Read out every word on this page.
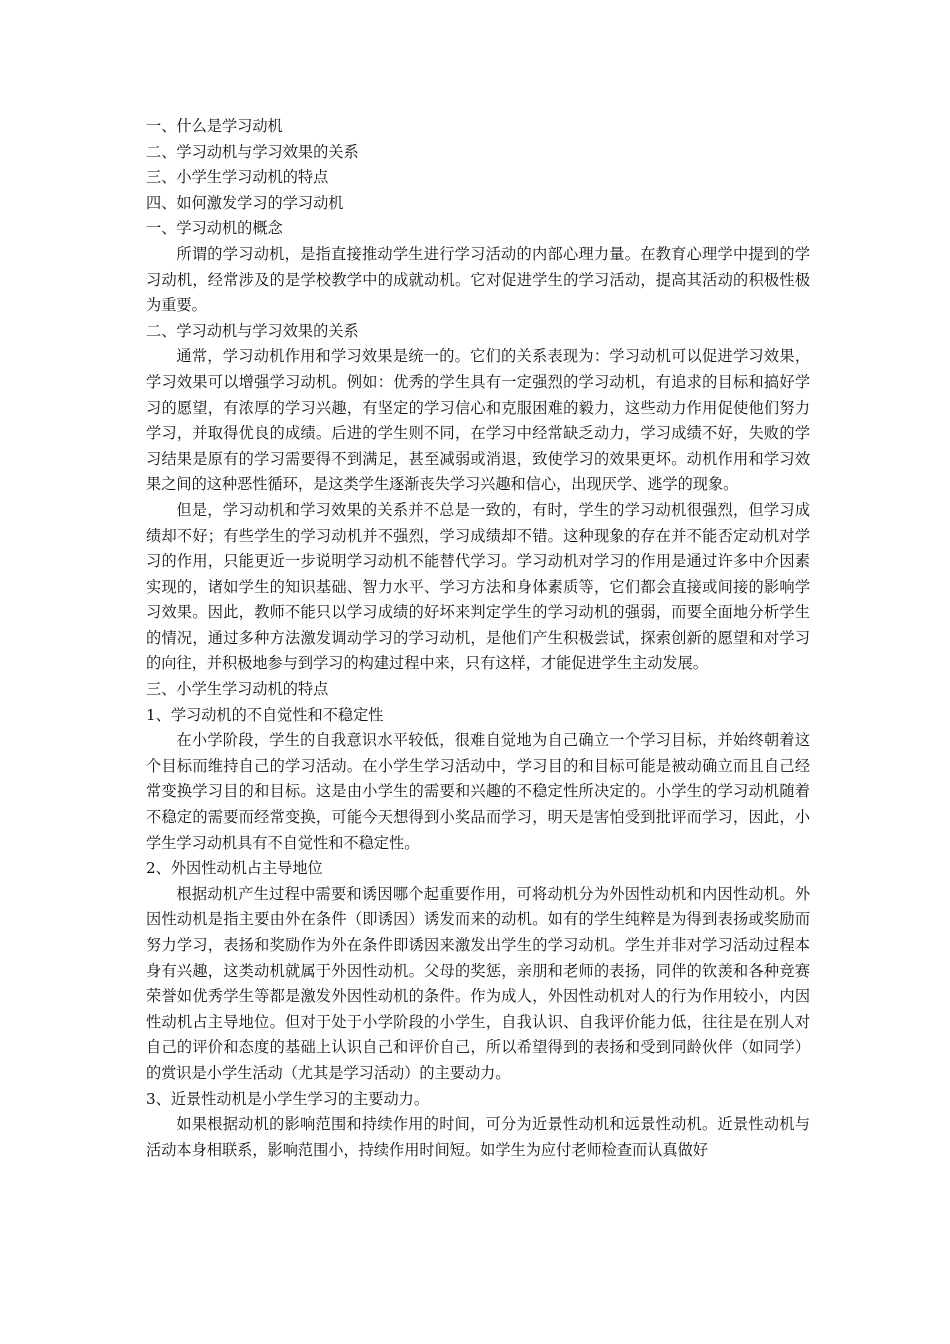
一、什么是学习动机

二、学习动机与学习效果的关系

三、小学生学习动机的特点

四、如何激发学习的学习动机

一、学习动机的概念

所谓的学习动机，是指直接推动学生进行学习活动的内部心理力量。在教育心理学中提到的学习动机，经常涉及的是学校教学中的成就动机。它对促进学生的学习活动，提高其活动的积极性极为重要。

二、学习动机与学习效果的关系

通常，学习动机作用和学习效果是统一的。它们的关系表现为：学习动机可以促进学习效果，学习效果可以增强学习动机。例如：优秀的学生具有一定强烈的学习动机，有追求的目标和搞好学习的愿望，有浓厚的学习兴趣，有坚定的学习信心和克服困难的毅力，这些动力作用促使他们努力学习，并取得优良的成绩。后进的学生则不同，在学习中经常缺乏动力，学习成绩不好，失败的学习结果是原有的学习需要得不到满足，甚至减弱或消退，致使学习的效果更坏。动机作用和学习效果之间的这种恶性循环，是这类学生逐渐丧失学习兴趣和信心，出现厌学、逃学的现象。

但是，学习动机和学习效果的关系并不总是一致的，有时，学生的学习动机很强烈，但学习成绩却不好；有些学生的学习动机并不强烈，学习成绩却不错。这种现象的存在并不能否定动机对学习的作用，只能更近一步说明学习动机不能替代学习。学习动机对学习的作用是通过许多中介因素实现的，诸如学生的知识基础、智力水平、学习方法和身体素质等，它们都会直接或间接的影响学习效果。因此，教师不能只以学习成绩的好坏来判定学生的学习动机的强弱，而要全面地分析学生的情况，通过多种方法激发调动学习的学习动机，是他们产生积极尝试，探索创新的愿望和对学习的向往，并积极地参与到学习的构建过程中来，只有这样，才能促进学生主动发展。

三、小学生学习动机的特点

1、学习动机的不自觉性和不稳定性

在小学阶段，学生的自我意识水平较低，很难自觉地为自己确立一个学习目标，并始终朝着这个目标而维持自己的学习活动。在小学生学习活动中，学习目的和目标可能是被动确立而且自己经常变换学习目的和目标。这是由小学生的需要和兴趣的不稳定性所决定的。小学生的学习动机随着不稳定的需要而经常变换，可能今天想得到小奖品而学习，明天是害怕受到批评而学习，因此，小学生学习动机具有不自觉性和不稳定性。

2、外因性动机占主导地位

根据动机产生过程中需要和诱因哪个起重要作用，可将动机分为外因性动机和内因性动机。外因性动机是指主要由外在条件（即诱因）诱发而来的动机。如有的学生纯粹是为得到表扬或奖励而努力学习，表扬和奖励作为外在条件即诱因来激发出学生的学习动机。学生并非对学习活动过程本身有兴趣，这类动机就属于外因性动机。父母的奖惩，亲朋和老师的表扬，同伴的钦羡和各种竞赛荣誉如优秀学生等都是激发外因性动机的条件。作为成人，外因性动机对人的行为作用较小，内因性动机占主导地位。但对于处于小学阶段的小学生，自我认识、自我评价能力低，往往是在别人对自己的评价和态度的基础上认识自己和评价自己，所以希望得到的表扬和受到同龄伙伴（如同学）的赏识是小学生活动（尤其是学习活动）的主要动力。

3、近景性动机是小学生学习的主要动力。

如果根据动机的影响范围和持续作用的时间，可分为近景性动机和远景性动机。近景性动机与活动本身相联系，影响范围小，持续作用时间短。如学生为应付老师检查而认真做好
